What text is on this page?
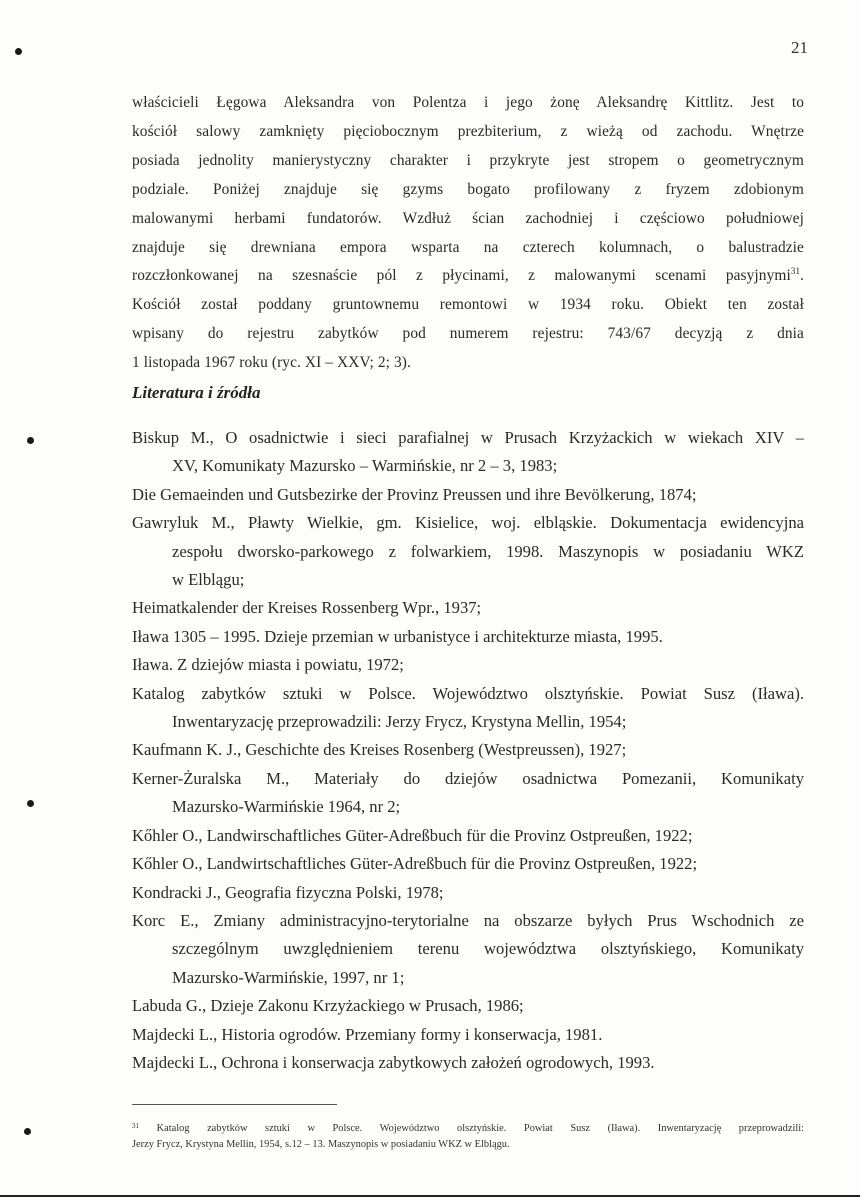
21

właścicieli Łęgowa Aleksandra von Polentza i jego żonę Aleksandrę Kittlitz. Jest to
kościół salowy zamknięty pięciobocznym prezbiterium, z wieżą od zachodu. Wnętrze
posiada jednolity manierystyczny charakter i przykryte jest stropem o geometrycznym
podziale. Poniżej znajduje się gzyms bogato profilowany z fryzem zdobionym
malowanymi herbami fundatorów. Wzdłuż ścian zachodniej i częściowo południowej
znajduje się drewniana empora wsparta na czterech kolumnach, o balustradzie
rozczłonkowanej na szesnaście pól z płycinami, z malowanymi scenami pasyjnymi$^{31}$.
Kościół został poddany gruntownemu remontowi w 1934 roku. Obiekt ten został
wpisany do rejestru zabytków pod numerem rejestru: 743/67 decyzją z dnia
1 listopada 1967 roku (ryc. XI – XXV; 2; 3).

Literatura i źródła
Biskup M., O osadnictwie i sieci parafialnej w Prusach Krzyżackich w wiekach XIV –
XV, Komunikaty Mazursko – Warmińskie, nr 2 – 3, 1983;
Die Gemaeinden und Gutsbezirke der Provinz Preussen und ihre Bevölkerung, 1874;
Gawryluk M., Pławty Wielkie, gm. Kisielice, woj. elbląskie. Dokumentacja ewidencyjna
zespołu dworsko-parkowego z folwarkiem, 1998. Maszynopis w posiadaniu WKZ
w Elblągu;
Heimatkalender der Kreises Rossenberg Wpr., 1937;
Iława 1305 – 1995. Dzieje przemian w urbanistyce i architekturze miasta, 1995.
Iława. Z dziejów miasta i powiatu, 1972;
Katalog zabytków sztuki w Polsce. Województwo olsztyńskie. Powiat Susz (Iława).
Inwentaryzację przeprowadzili: Jerzy Frycz, Krystyna Mellin, 1954;
Kaufmann K. J., Geschichte des Kreises Rosenberg (Westpreussen), 1927;
Kerner-Żuralska M., Materiały do dziejów osadnictwa Pomezanii, Komunikaty
Mazursko-Warmińskie 1964, nr 2;
Kőhler O., Landwirschaftliches Güter-Adreßbuch für die Provinz Ostpreußen, 1922;
Kőhler O., Landwirtschaftliches Güter-Adreßbuch für die Provinz Ostpreußen, 1922;
Kondracki J., Geografia fizyczna Polski, 1978;
Korc E., Zmiany administracyjno-terytorialne na obszarze byłych Prus Wschodnich ze
szczególnym uwzględnieniem terenu województwa olsztyńskiego, Komunikaty
Mazursko-Warmińskie, 1997, nr 1;
Labuda G., Dzieje Zakonu Krzyżackiego w Prusach, 1986;
Majdecki L., Historia ogrodów. Przemiany formy i konserwacja, 1981.
Majdecki L., Ochrona i konserwacja zabytkowych założeń ogrodowych, 1993.
$^{31}$ Katalog zabytków sztuki w Polsce. Województwo olsztyńskie. Powiat Susz (Iława). Inwentaryzację przeprowadzili:
Jerzy Frycz, Krystyna Mellin, 1954, s.12 – 13. Maszynopis w posiadaniu WKZ w Elblągu.
